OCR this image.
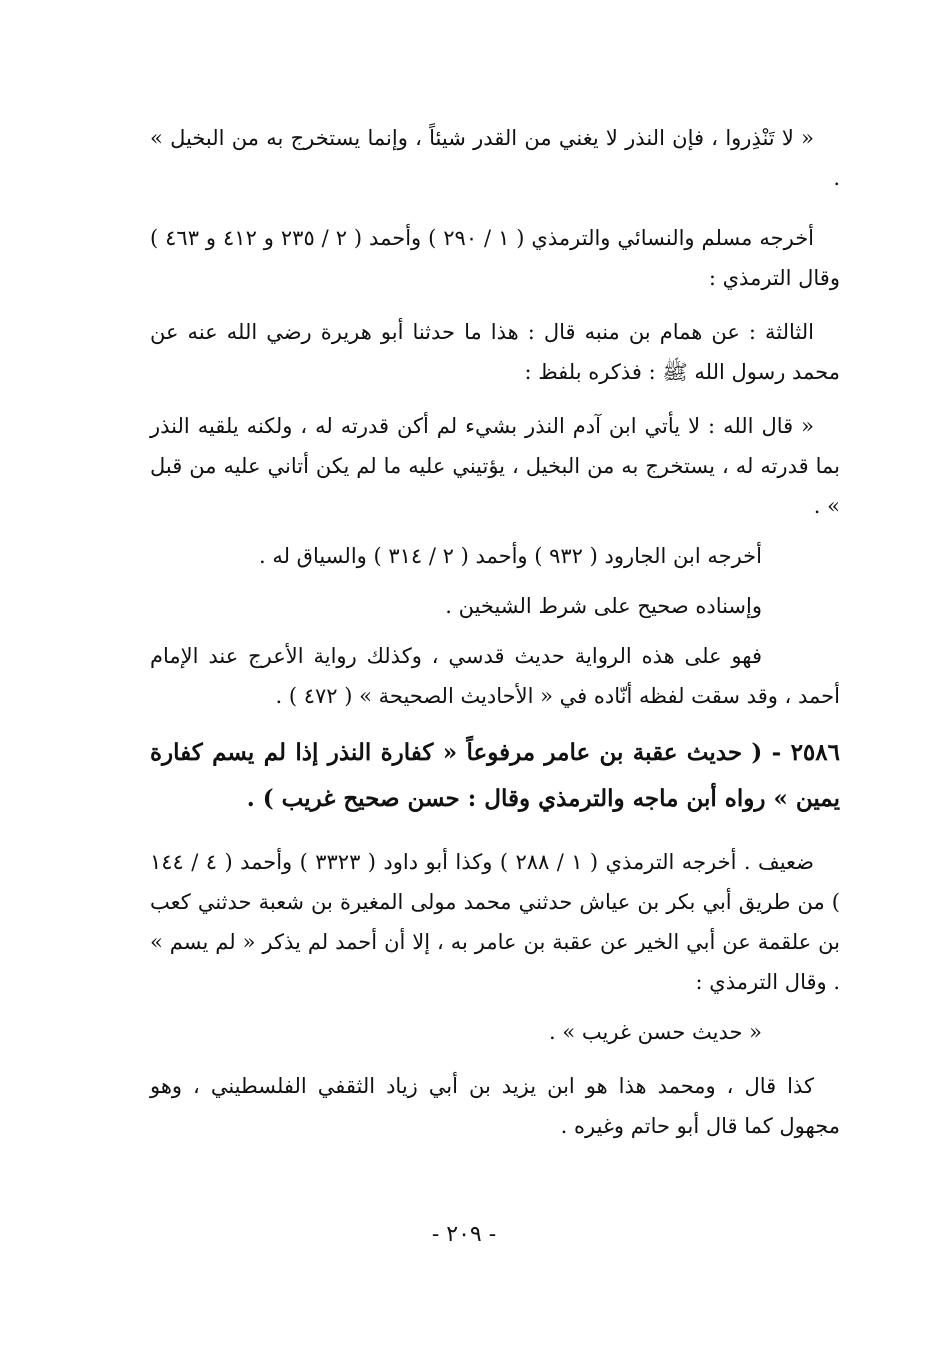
« لا تَنْذِروا ، فإن النذر لا يغني من القدر شيئاً ، وإنما يستخرج به من البخيل » .

أخرجه مسلم والنسائي والترمذي ( ١ / ٢٩٠ ) وأحمد ( ٢ / ٢٣٥ و ٤١٢ و ٤٦٣ ) وقال الترمذي :

الثالثة : عن همام بن منبه قال : هذا ما حدثنا أبو هريرة رضي الله عنه عن محمد رسول الله ﷺ : فذكره بلفظ :

« قال الله : لا يأتي ابن آدم النذر بشيء لم أكن قدرته له ، ولكنه يلقيه النذر بما قدرته له ، يستخرج به من البخيل ، يؤتيني عليه ما لم يكن أتاني عليه من قبل » .

أخرجه ابن الجارود ( ٩٣٢ ) وأحمد ( ٢ / ٣١٤ ) والسياق له .

وإسناده صحيح على شرط الشيخين .

فهو على هذه الرواية حديث قدسي ، وكذلك رواية الأعرج عند الإمام أحمد ، وقد سقت لفظه أنّاده في « الأحاديث الصحيحة » ( ٤٧٢ ) .

٢٥٨٦ - ( حديث عقبة بن عامر مرفوعاً « كفارة النذر إذا لم يسم كفارة يمين » رواه أبن ماجه والترمذي وقال : حسن صحيح غريب ) .

ضعيف . أخرجه الترمذي ( ١ / ٢٨٨ ) وكذا أبو داود ( ٣٣٢٣ ) وأحمد ( ٤ / ١٤٤ ) من طريق أبي بكر بن عياش حدثني محمد مولى المغيرة بن شعبة حدثني كعب بن علقمة عن أبي الخير عن عقبة بن عامر به ، إلا أن أحمد لم يذكر « لم يسم » . وقال الترمذي :

« حديث حسن غريب » .

كذا قال ، ومحمد هذا هو ابن يزيد بن أبي زياد الثقفي الفلسطيني ، وهو مجهول كما قال أبو حاتم وغيره .

- ٢٠٩ -
